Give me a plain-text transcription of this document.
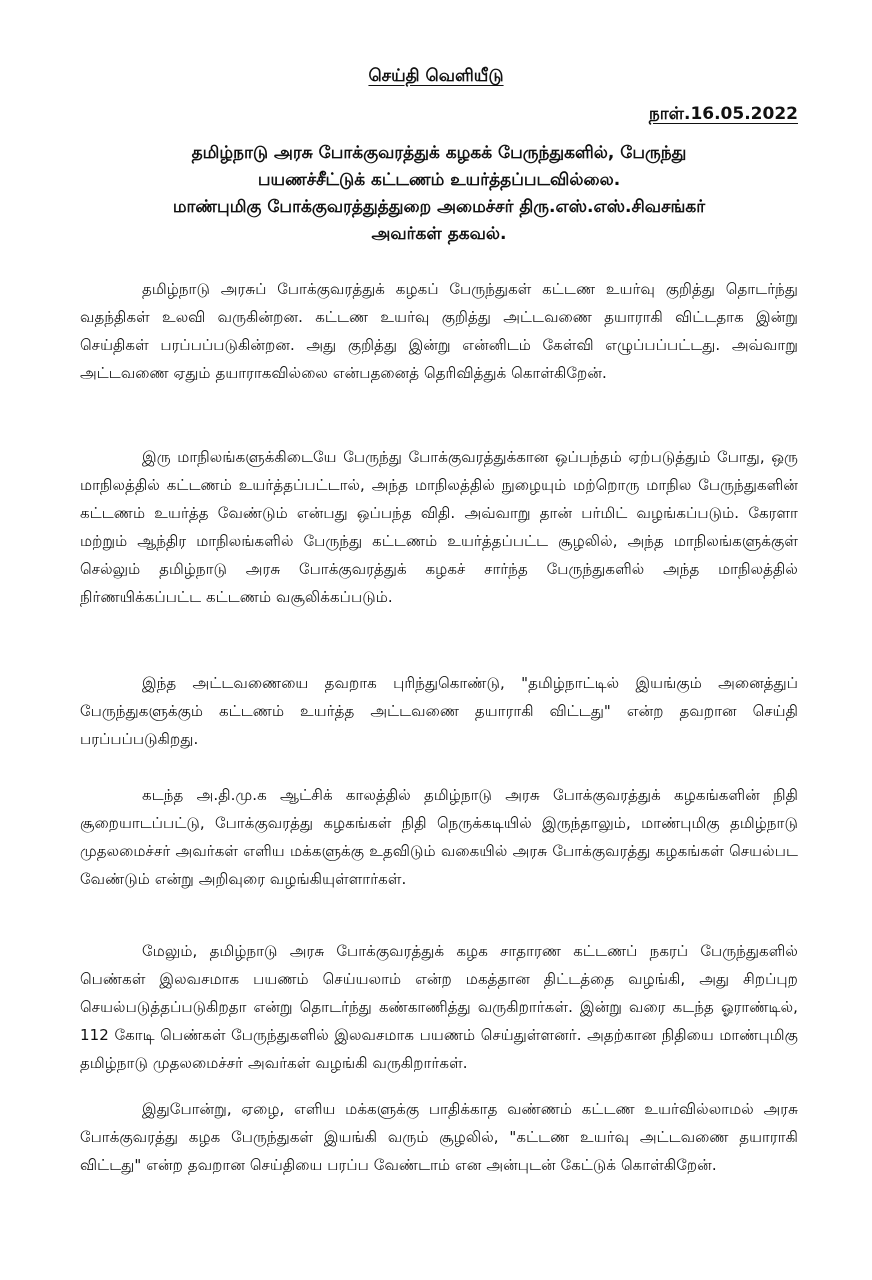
செய்தி வெளியீடு
நாள்.16.05.2022
தமிழ்நாடு அரசு போக்குவரத்துக் கழகக் பேருந்துகளில், பேருந்து
பயணச்சீட்டுக் கட்டணம் உயர்த்தப்படவில்லை.
மாண்புமிகு போக்குவரத்துத்துறை அமைச்சர் திரு.எஸ்.எஸ்.சிவசங்கர்
அவர்கள் தகவல்.

தமிழ்நாடு அரசுப் போக்குவரத்துக் கழகப் பேருந்துகள் கட்டண உயர்வு குறித்து தொடர்ந்து வதந்திகள் உலவி வருகின்றன. கட்டண உயர்வு குறித்து அட்டவணை தயாராகி விட்டதாக இன்று செய்திகள் பரப்பப்படுகின்றன. அது குறித்து இன்று என்னிடம் கேள்வி எழுப்பப்பட்டது. அவ்வாறு அட்டவணை ஏதும் தயாராகவில்லை என்பதனைத் தெரிவித்துக் கொள்கிறேன்.

இரு மாநிலங்களுக்கிடையே பேருந்து போக்குவரத்துக்கான ஒப்பந்தம் ஏற்படுத்தும் போது, ஒரு மாநிலத்தில் கட்டணம் உயர்த்தப்பட்டால், அந்த மாநிலத்தில் நுழையும் மற்றொரு மாநில பேருந்துகளின் கட்டணம் உயர்த்த வேண்டும் என்பது ஒப்பந்த விதி. அவ்வாறு தான் பர்மிட் வழங்கப்படும். கேரளா மற்றும் ஆந்திர மாநிலங்களில் பேருந்து கட்டணம் உயர்த்தப்பட்ட சூழலில், அந்த மாநிலங்களுக்குள் செல்லும் தமிழ்நாடு அரசு போக்குவரத்துக் கழகச் சார்ந்த பேருந்துகளில் அந்த மாநிலத்தில் நிர்ணயிக்கப்பட்ட கட்டணம் வசூலிக்கப்படும்.

இந்த அட்டவணையை தவறாக புரிந்துகொண்டு, "தமிழ்நாட்டில் இயங்கும் அனைத்துப் பேருந்துகளுக்கும் கட்டணம் உயர்த்த அட்டவணை தயாராகி விட்டது" என்ற தவறான செய்தி பரப்பப்படுகிறது.

கடந்த அ.தி.மு.க ஆட்சிக் காலத்தில் தமிழ்நாடு அரசு போக்குவரத்துக் கழகங்களின் நிதி சூறையாடப்பட்டு, போக்குவரத்து கழகங்கள் நிதி நெருக்கடியில் இருந்தாலும், மாண்புமிகு தமிழ்நாடு முதலமைச்சர் அவர்கள் எளிய மக்களுக்கு உதவிடும் வகையில் அரசு போக்குவரத்து கழகங்கள் செயல்பட வேண்டும் என்று அறிவுரை வழங்கியுள்ளார்கள்.

மேலும், தமிழ்நாடு அரசு போக்குவரத்துக் கழக சாதாரண கட்டணப் நகரப் பேருந்துகளில் பெண்கள் இலவசமாக பயணம் செய்யலாம் என்ற மகத்தான திட்டத்தை வழங்கி, அது சிறப்புற செயல்படுத்தப்படுகிறதா என்று தொடர்ந்து கண்காணித்து வருகிறார்கள். இன்று வரை கடந்த ஓராண்டில், 112 கோடி பெண்கள் பேருந்துகளில் இலவசமாக பயணம் செய்துள்ளனர். அதற்கான நிதியை மாண்புமிகு தமிழ்நாடு முதலமைச்சர் அவர்கள் வழங்கி வருகிறார்கள்.

இதுபோன்று, ஏழை, எளிய மக்களுக்கு பாதிக்காத வண்ணம் கட்டண உயர்வில்லாமல் அரசு போக்குவரத்து கழக பேருந்துகள் இயங்கி வரும் சூழலில், "கட்டண உயர்வு அட்டவணை தயாராகி விட்டது" என்ற தவறான செய்தியை பரப்ப வேண்டாம் என அன்புடன் கேட்டுக் கொள்கிறேன்.
